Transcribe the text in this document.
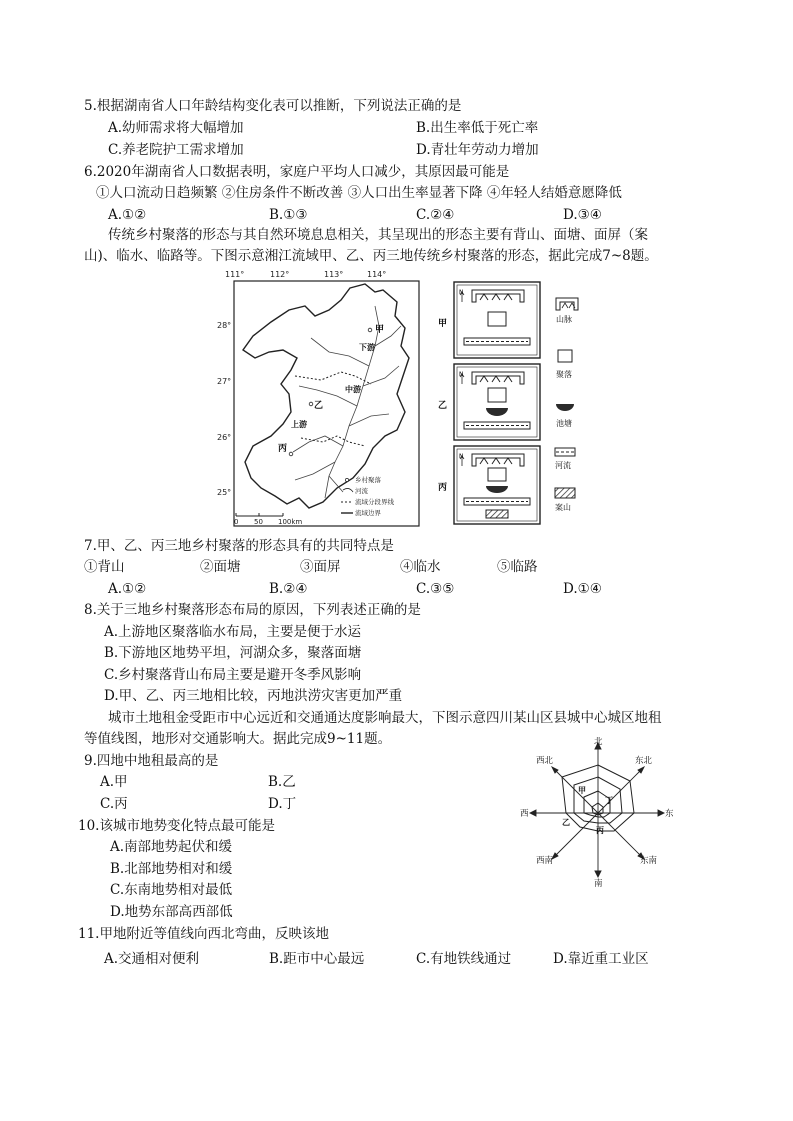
5.根据湖南省人口年龄结构变化表可以推断，下列说法正确的是
A.幼师需求将大幅增加	B.出生率低于死亡率
C.养老院护工需求增加	D.青壮年劳动力增加
6.2020年湖南省人口数据表明，家庭户平均人口减少，其原因最可能是
①人口流动日趋频繁 ②住房条件不断改善 ③人口出生率显著下降 ④年轻人结婚意愿降低
A.①②	B.①③	C.②④	D.③④
传统乡村聚落的形态与其自然环境息息相关，其呈现出的形态主要有背山、面塘、面屏（案
山)、临水、临路等。下图示意湘江流域甲、乙、丙三地传统乡村聚落的形态，据此完成7~8题。
111°	112°	113°	114°
28°
27°
26°
25°
甲
乙
丙
下游
中游
上游
乡村聚落
河流
流域分段界线
流域边界
0 50 100km
甲
乙
丙
N
N
N
山脉
聚落
池塘
河流
案山
7.甲、乙、丙三地乡村聚落的形态具有的共同特点是
①背山	②面塘	③面屏	④临水	⑤临路
A.①②	B.②④	C.③⑤	D.①④
8.关于三地乡村聚落形态布局的原因，下列表述正确的是
A.上游地区聚落临水布局，主要是便于水运
B.下游地区地势平坦，河湖众多，聚落面塘
C.乡村聚落背山布局主要是避开冬季风影响
D.甲、乙、丙三地相比较，丙地洪涝灾害更加严重
城市土地租金受距市中心远近和交通通达度影响最大，下图示意四川某山区县城中心城区地租
等值线图，地形对交通影响大。据此完成9~11题。
9.四地中地租最高的是
A.甲	B.乙
C.丙	D.丁
北
东北
东
东南
南
西南
西
西北
甲
乙
丙
丁
10.该城市地势变化特点最可能是
A.南部地势起伏和缓
B.北部地势相对和缓
C.东南地势相对最低
D.地势东部高西部低
11.甲地附近等值线向西北弯曲，反映该地
A.交通相对便利	B.距市中心最远	C.有地铁线通过	D.靠近重工业区
